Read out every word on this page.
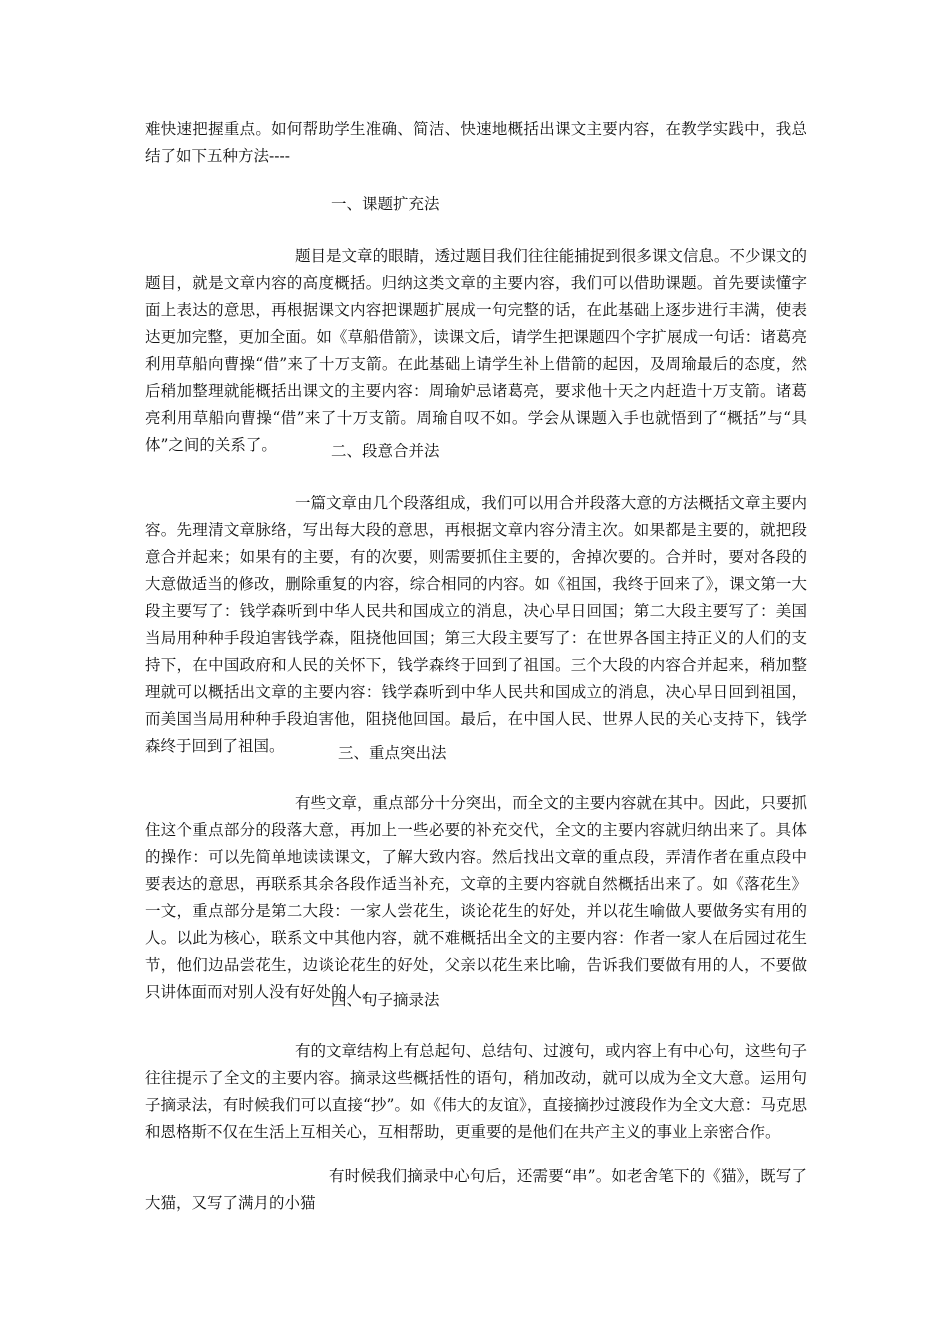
难快速把握重点。如何帮助学生准确、简洁、快速地概括出课文主要内容，在教学实践中，我总结了如下五种方法----
一、课题扩充法
题目是文章的眼睛，透过题目我们往往能捕捉到很多课文信息。不少课文的题目，就是文章内容的高度概括。归纳这类文章的主要内容，我们可以借助课题。首先要读懂字面上表达的意思，再根据课文内容把课题扩展成一句完整的话，在此基础上逐步进行丰满，使表达更加完整，更加全面。如《草船借箭》，读课文后，请学生把课题四个字扩展成一句话：诸葛亮利用草船向曹操“借”来了十万支箭。在此基础上请学生补上借箭的起因，及周瑜最后的态度，然后稍加整理就能概括出课文的主要内容：周瑜妒忌诸葛亮，要求他十天之内赶造十万支箭。诸葛亮利用草船向曹操“借”来了十万支箭。周瑜自叹不如。学会从课题入手也就悟到了“概括”与“具体”之间的关系了。	二、段意合并法
一篇文章由几个段落组成，我们可以用合并段落大意的方法概括文章主要内容。先理清文章脉络，写出每大段的意思，再根据文章内容分清主次。如果都是主要的，就把段意合并起来；如果有的主要，有的次要，则需要抓住主要的，舍掉次要的。合并时，要对各段的大意做适当的修改，删除重复的内容，综合相同的内容。如《祖国，我终于回来了》，课文第一大段主要写了：钱学森听到中华人民共和国成立的消息，决心早日回国；第二大段主要写了：美国当局用种种手段迫害钱学森，阻挠他回国；第三大段主要写了：在世界各国主持正义的人们的支持下，在中国政府和人民的关怀下，钱学森终于回到了祖国。三个大段的内容合并起来，稍加整理就可以概括出文章的主要内容：钱学森听到中华人民共和国成立的消息，决心早日回到祖国，而美国当局用种种手段迫害他，阻挠他回国。最后，在中国人民、世界人民的关心支持下，钱学森终于回到了祖国。	三、重点突出法
有些文章，重点部分十分突出，而全文的主要内容就在其中。因此，只要抓住这个重点部分的段落大意，再加上一些必要的补充交代，全文的主要内容就归纳出来了。具体的操作：可以先简单地读读课文，了解大致内容。然后找出文章的重点段，弄清作者在重点段中要表达的意思，再联系其余各段作适当补充，文章的主要内容就自然概括出来了。如《落花生》一文，重点部分是第二大段：一家人尝花生，谈论花生的好处，并以花生喻做人要做务实有用的人。以此为核心，联系文中其他内容，就不难概括出全文的主要内容：作者一家人在后园过花生节，他们边品尝花生，边谈论花生的好处，父亲以花生来比喻，告诉我们要做有用的人，不要做只讲体面而对别人没有好处的人。
四、句子摘录法
有的文章结构上有总起句、总结句、过渡句，或内容上有中心句，这些句子往往提示了全文的主要内容。摘录这些概括性的语句，稍加改动，就可以成为全文大意。运用句子摘录法，有时候我们可以直接“抄”。如《伟大的友谊》，直接摘抄过渡段作为全文大意：马克思和恩格斯不仅在生活上互相关心，互相帮助，更重要的是他们在共产主义的事业上亲密合作。
有时候我们摘录中心句后，还需要“串”。如老舍笔下的《猫》，既写了大猫，又写了满月的小猫
